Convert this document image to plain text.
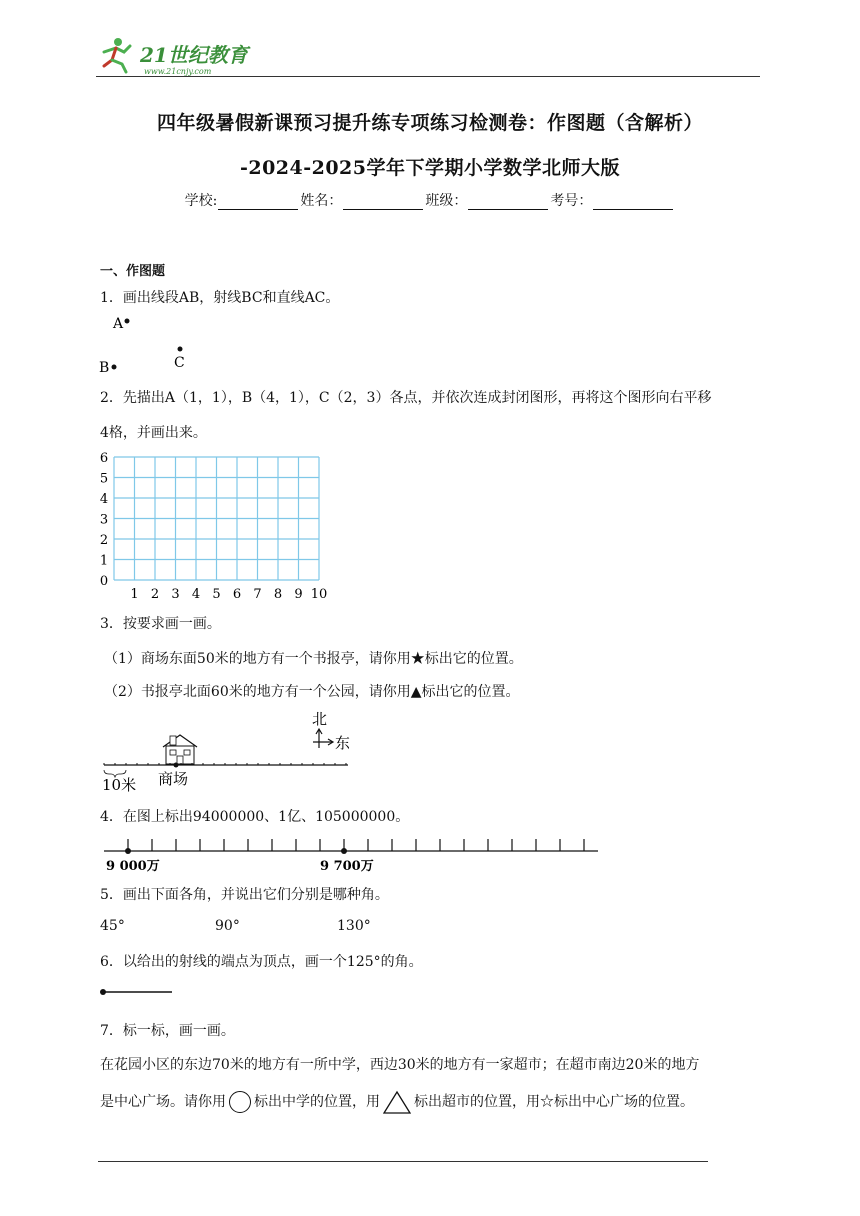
21世纪教育
www.21cnjy.com
四年级暑假新课预习提升练专项练习检测卷：作图题（含解析）
-2024-2025学年下学期小学数学北师大版
学校:	姓名：	班级：	考号：
一、作图题
1．画出线段AB，射线BC和直线AC。
A
C
B
2．先描出A（1，1），B（4，1），C（2，3）各点，并依次连成封闭图形，再将这个图形向右平移
4格，并画出来。
1 2 3 4 5 6 7 8 9 10
0
1
2
3
4
5
6
3．按要求画一画。
（1）商场东面50米的地方有一个书报亭，请你用★标出它的位置。
（2）书报亭北面60米的地方有一个公园，请你用▲标出它的位置。
北
东
10米 商场
4．在图上标出94000000、1亿、105000000。
9 000万	9 700万
5．画出下面各角，并说出它们分别是哪种角。
45°	90°	130°
6．以给出的射线的端点为顶点，画一个125°的角。
7．标一标，画一画。
在花园小区的东边70米的地方有一所中学，西边30米的地方有一家超市；在超市南边20米的地方
是中心广场。请你用 标出中学的位置，用 标出超市的位置，用☆标出中心广场的位置。
